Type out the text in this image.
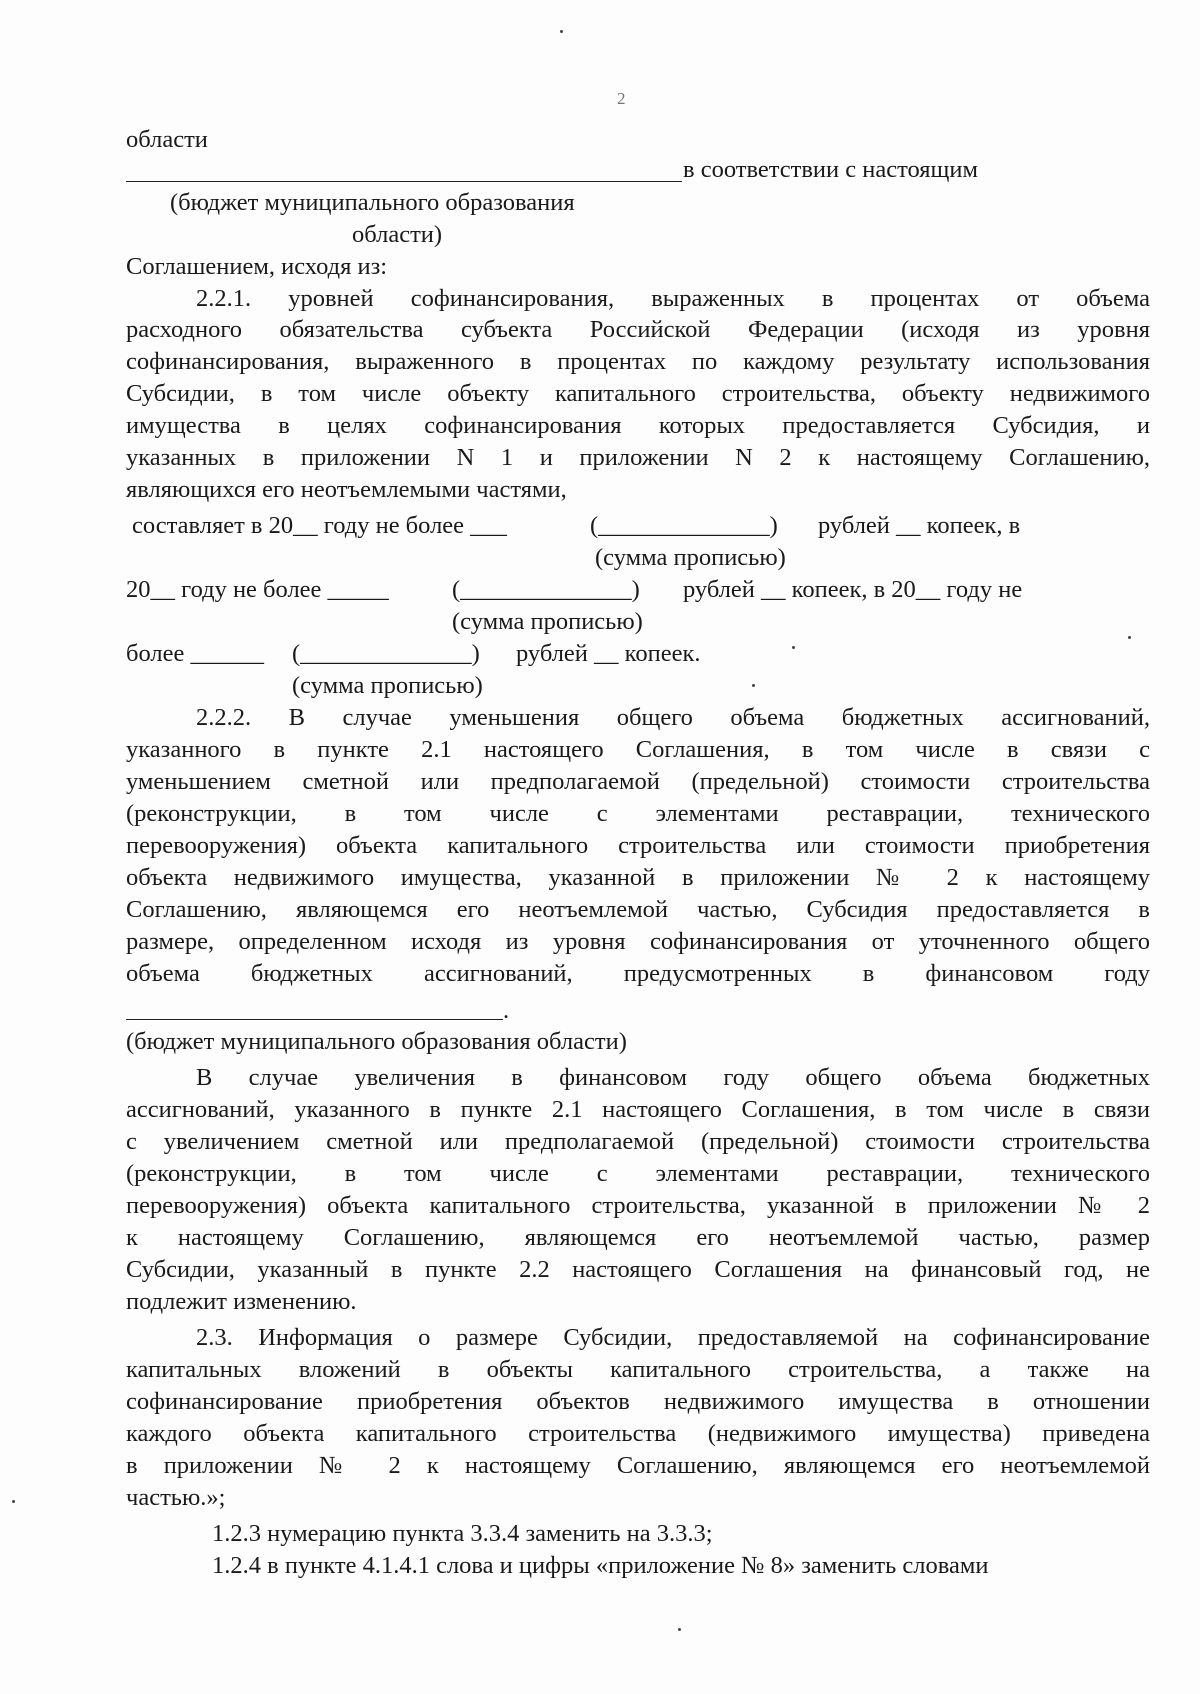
2
области
в соответствии с настоящим
(бюджет муниципального образования
области)
Соглашением, исходя из:
2.2.1. уровней софинансирования, выраженных в процентах от объема
расходного обязательства субъекта Российской Федерации (исходя из уровня
софинансирования, выраженного в процентах по каждому результату использования
Субсидии, в том числе объекту капитального строительства, объекту недвижимого
имущества в целях софинансирования которых предоставляется Субсидия, и
указанных в приложении N 1 и приложении N 2 к настоящему Соглашению,
являющихся его неотъемлемыми частями,
составляет в 20__ году не более ___	(______________) рублей __ копеек, в
(сумма прописью)
20__ году не более _____	(______________) рублей __ копеек, в 20__ году не
(сумма прописью)
более ______ (______________) рублей __ копеек.
(сумма прописью)
2.2.2. В случае уменьшения общего объема бюджетных ассигнований,
указанного в пункте 2.1 настоящего Соглашения, в том числе в связи с
уменьшением сметной или предполагаемой (предельной) стоимости строительства
(реконструкции, в том числе с элементами реставрации, технического
перевооружения) объекта капитального строительства или стоимости приобретения
объекта недвижимого имущества, указанной в приложении № 2 к настоящему
Соглашению, являющемся его неотъемлемой частью, Субсидия предоставляется в
размере, определенном исходя из уровня софинансирования от уточненного общего
объема бюджетных ассигнований, предусмотренных в финансовом году
.
(бюджет муниципального образования области)
В случае увеличения в финансовом году общего объема бюджетных
ассигнований, указанного в пункте 2.1 настоящего Соглашения, в том числе в связи
с увеличением сметной или предполагаемой (предельной) стоимости строительства
(реконструкции, в том числе с элементами реставрации, технического
перевооружения) объекта капитального строительства, указанной в приложении № 2
к настоящему Соглашению, являющемся его неотъемлемой частью, размер
Субсидии, указанный в пункте 2.2 настоящего Соглашения на финансовый год, не
подлежит изменению.
2.3. Информация о размере Субсидии, предоставляемой на софинансирование
капитальных вложений в объекты капитального строительства, а также на
софинансирование приобретения объектов недвижимого имущества в отношении
каждого объекта капитального строительства (недвижимого имущества) приведена
в приложении № 2 к настоящему Соглашению, являющемся его неотъемлемой
частью.»;
1.2.3 нумерацию пункта 3.3.4 заменить на 3.3.3;
1.2.4 в пункте 4.1.4.1 слова и цифры «приложение № 8» заменить словами
